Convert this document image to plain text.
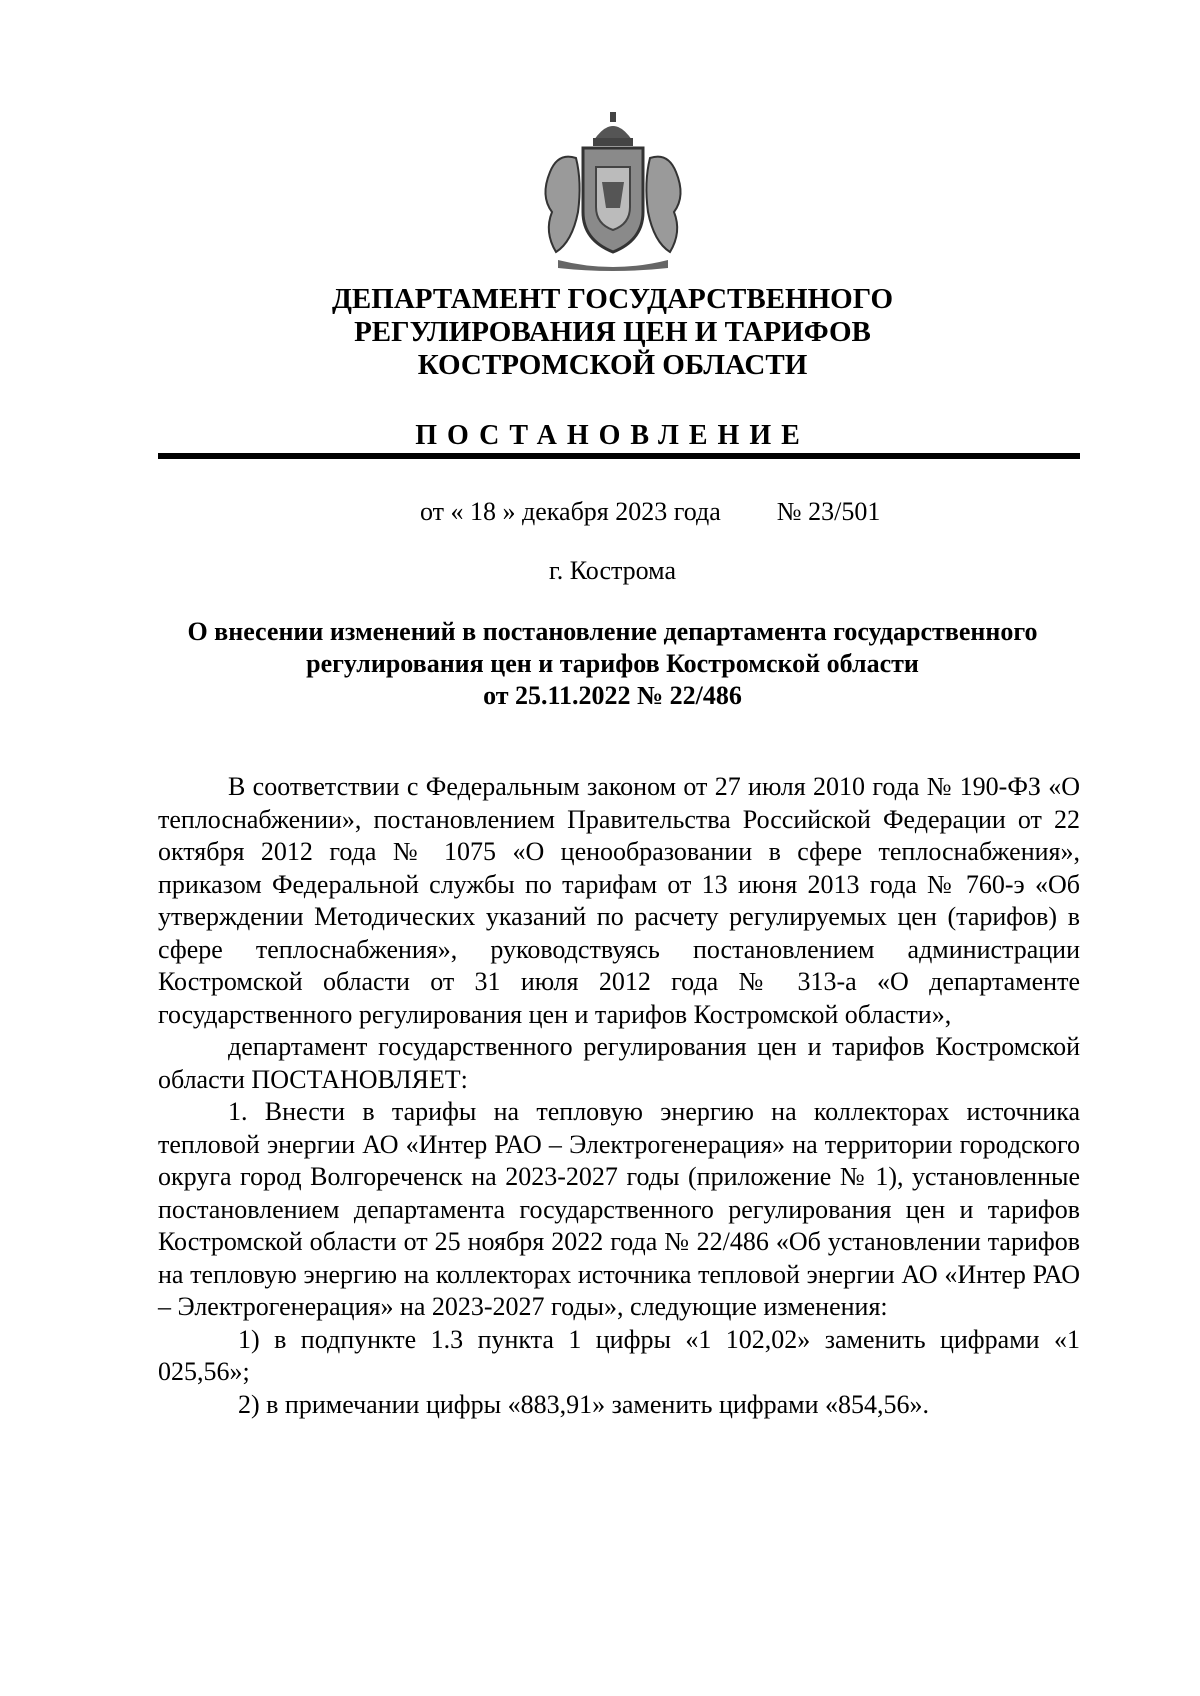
ДЕПАРТАМЕНТ ГОСУДАРСТВЕННОГО
РЕГУЛИРОВАНИЯ ЦЕН И ТАРИФОВ
КОСТРОМСКОЙ ОБЛАСТИ
ПОСТАНОВЛЕНИЕ
от « 18 » декабря 2023 года № 23/501
г. Кострома
О внесении изменений в постановление департамента государственного
регулирования цен и тарифов Костромской области
от 25.11.2022 № 22/486

В соответствии с Федеральным законом от 27 июля 2010 года № 190-ФЗ «О теплоснабжении», постановлением Правительства Российской Федерации от 22 октября 2012 года № 1075 «О ценообразовании в сфере теплоснабжения», приказом Федеральной службы по тарифам от 13 июня 2013 года № 760-э «Об утверждении Методических указаний по расчету регулируемых цен (тарифов) в сфере теплоснабжения», руководствуясь постановлением администрации Костромской области от 31 июля 2012 года № 313-а «О департаменте государственного регулирования цен и тарифов Костромской области»,

департамент государственного регулирования цен и тарифов Костромской области ПОСТАНОВЛЯЕТ:

1. Внести в тарифы на тепловую энергию на коллекторах источника тепловой энергии АО «Интер РАО – Электрогенерация» на территории городского округа город Волгореченск на 2023-2027 годы (приложение № 1), установленные постановлением департамента государственного регулирования цен и тарифов Костромской области от 25 ноября 2022 года № 22/486 «Об установлении тарифов на тепловую энергию на коллекторах источника тепловой энергии АО «Интер РАО – Электрогенерация» на 2023-2027 годы», следующие изменения:

1) в подпункте 1.3 пункта 1 цифры «1 102,02» заменить цифрами «1 025,56»;

2) в примечании цифры «883,91» заменить цифрами «854,56».
